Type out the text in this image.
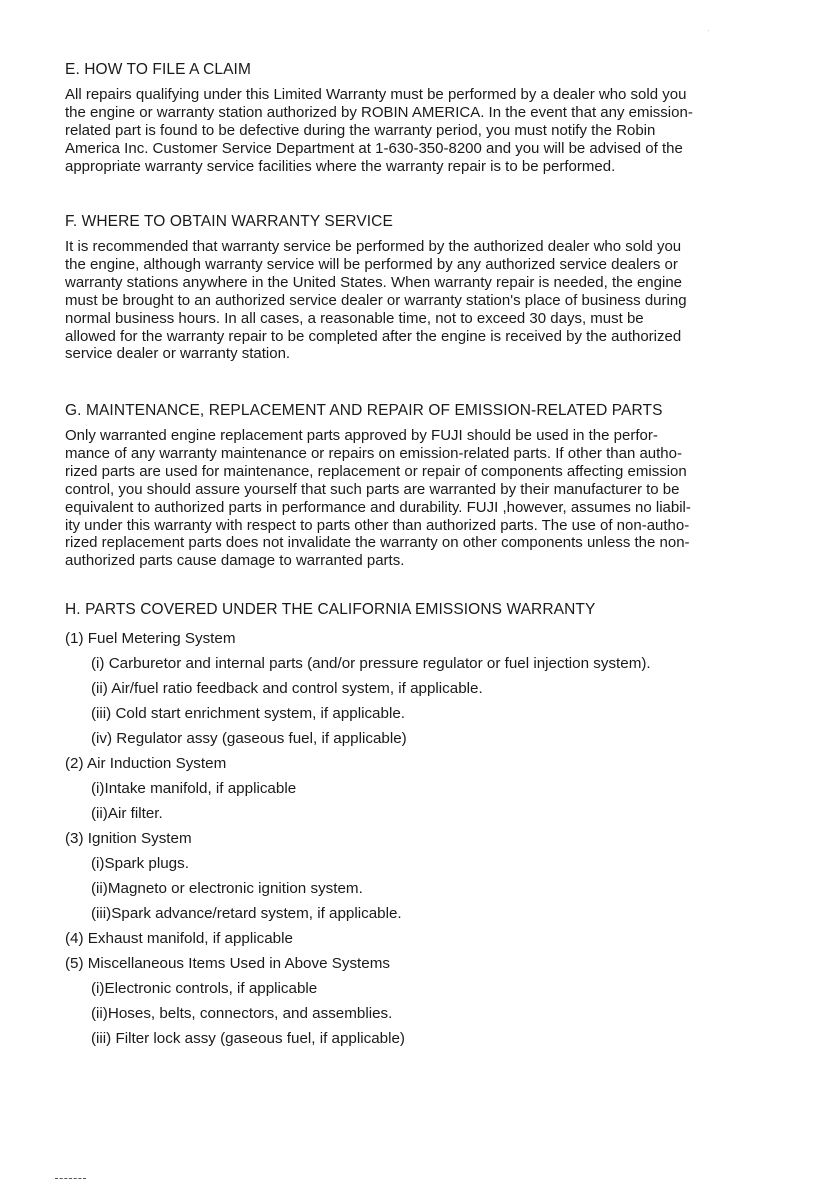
E. HOW TO FILE A CLAIM

All repairs qualifying under this Limited Warranty must be performed by a dealer who sold you
the engine or warranty station authorized by ROBIN AMERICA. In the event that any emission-
related part is found to be defective during the warranty period, you must notify the Robin
America Inc. Customer Service Department at 1-630-350-8200 and you will be advised of the
appropriate warranty service facilities where the warranty repair is to be performed.

F. WHERE TO OBTAIN WARRANTY SERVICE

It is recommended that warranty service be performed by the authorized dealer who sold you
the engine, although warranty service will be performed by any authorized service dealers or
warranty stations anywhere in the United States. When warranty repair is needed, the engine
must be brought to an authorized service dealer or warranty station's place of business during
normal business hours. In all cases, a reasonable time, not to exceed 30 days, must be
allowed for the warranty repair to be completed after the engine is received by the authorized
service dealer or warranty station.

G. MAINTENANCE, REPLACEMENT AND REPAIR OF EMISSION-RELATED PARTS

Only warranted engine replacement parts approved by FUJI should be used in the perfor-
mance of any warranty maintenance or repairs on emission-related parts. If other than autho-
rized parts are used for maintenance, replacement or repair of components affecting emission
control, you should assure yourself that such parts are warranted by their manufacturer to be
equivalent to authorized parts in performance and durability. FUJI ,however, assumes no liabil-
ity under this warranty with respect to parts other than authorized parts. The use of non-autho-
rized replacement parts does not invalidate the warranty on other components unless the non-
authorized parts cause damage to warranted parts.

H. PARTS COVERED UNDER THE CALIFORNIA EMISSIONS WARRANTY
(1) Fuel Metering System
(i) Carburetor and internal parts (and/or pressure regulator or fuel injection system).
(ii) Air/fuel ratio feedback and control system, if applicable.
(iii) Cold start enrichment system, if applicable.
(iv) Regulator assy (gaseous fuel, if applicable)
(2) Air Induction System
(i)Intake manifold, if applicable
(ii)Air filter.
(3) Ignition System
(i)Spark plugs.
(ii)Magneto or electronic ignition system.
(iii)Spark advance/retard system, if applicable.
(4) Exhaust manifold, if applicable
(5) Miscellaneous Items Used in Above Systems
(i)Electronic controls, if applicable
(ii)Hoses, belts, connectors, and assemblies.
(iii) Filter lock assy (gaseous fuel, if applicable)
